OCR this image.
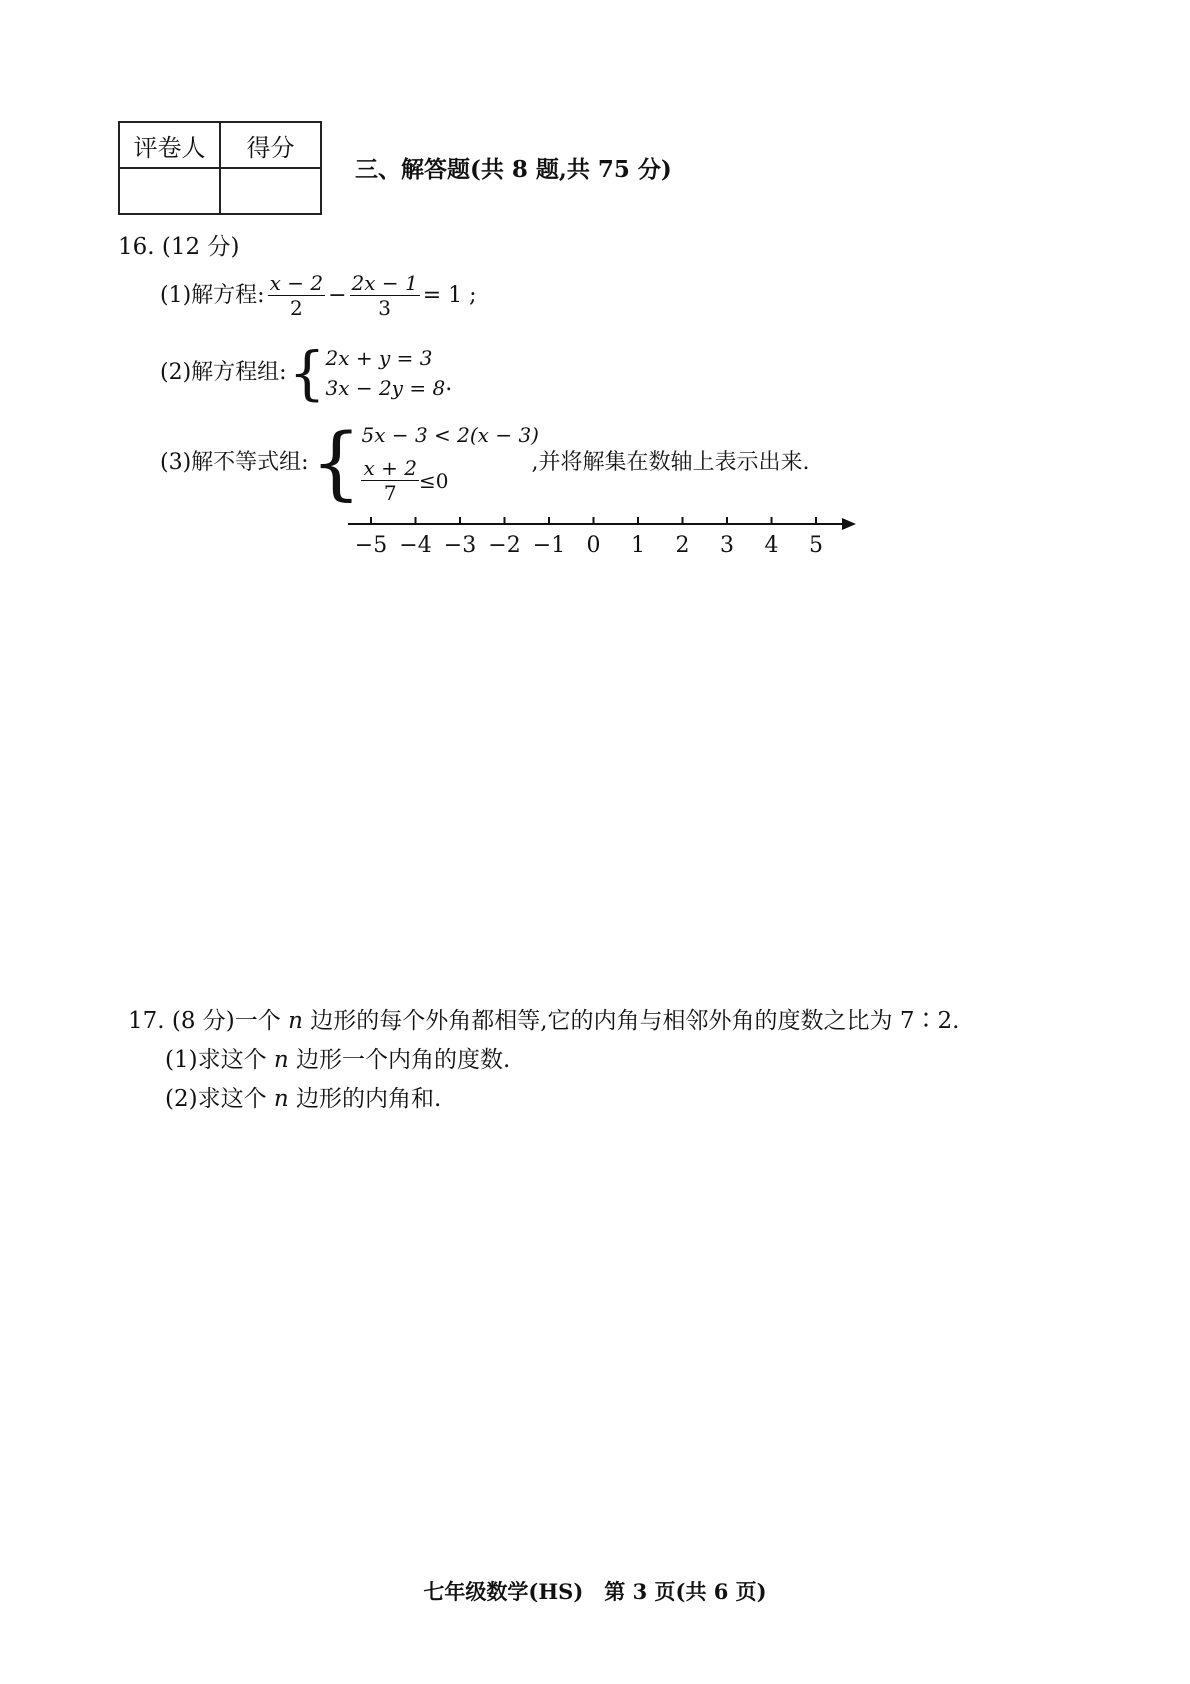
评卷人	得分

三、解答题(共 8 题,共 75 分)
16. (12 分)
(1)解方程: $\frac{x - 2}{2} - \frac{2x - 1}{3} = 1$ ;
(2)解方程组: { 2x + y = 3
3x − 2y = 8 .
(3)解不等式组: { 5x − 3 < 2(x − 3)
$\frac{x + 2}{7} \le 0$
,并将解集在数轴上表示出来.
−5 −4 −3 −2 −1 0 1 2 3 4 5
17. (8 分)一个 n 边形的每个外角都相等,它的内角与相邻外角的度数之比为 7∶2.
(1)求这个 n 边形一个内角的度数.
(2)求这个 n 边形的内角和.
七年级数学(HS)　第 3 页(共 6 页)
